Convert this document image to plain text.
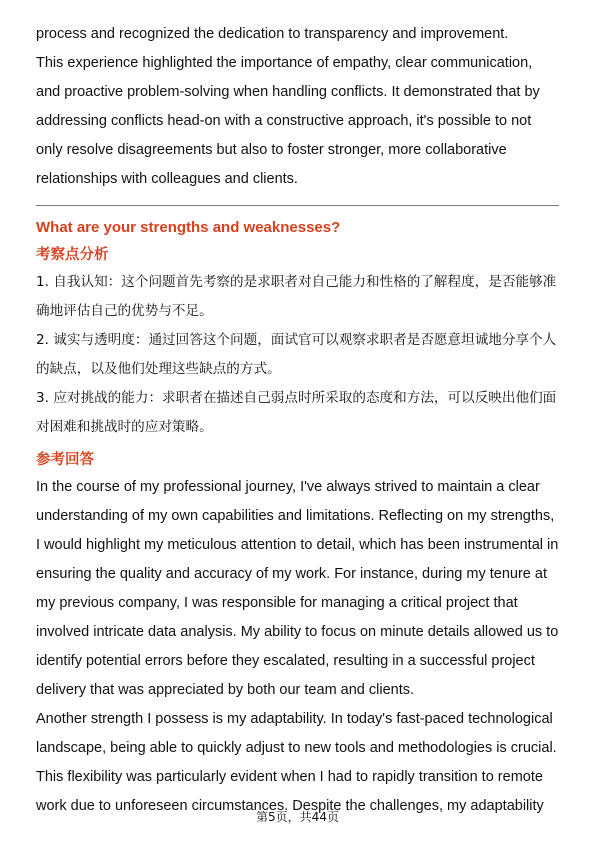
process and recognized the dedication to transparency and improvement.

This experience highlighted the importance of empathy, clear communication, and proactive problem-solving when handling conflicts. It demonstrated that by addressing conflicts head-on with a constructive approach, it's possible to not only resolve disagreements but also to foster stronger, more collaborative relationships with colleagues and clients.

What are your strengths and weaknesses?

考察点分析

1. 自我认知：这个问题首先考察的是求职者对自己能力和性格的了解程度，是否能够准确地评估自己的优势与不足。

2. 诚实与透明度：通过回答这个问题，面试官可以观察求职者是否愿意坦诚地分享个人的缺点，以及他们处理这些缺点的方式。

3. 应对挑战的能力：求职者在描述自己弱点时所采取的态度和方法，可以反映出他们面对困难和挑战时的应对策略。

参考回答

In the course of my professional journey, I've always strived to maintain a clear understanding of my own capabilities and limitations. Reflecting on my strengths, I would highlight my meticulous attention to detail, which has been instrumental in ensuring the quality and accuracy of my work. For instance, during my tenure at my previous company, I was responsible for managing a critical project that involved intricate data analysis. My ability to focus on minute details allowed us to identify potential errors before they escalated, resulting in a successful project delivery that was appreciated by both our team and clients.

Another strength I possess is my adaptability. In today's fast-paced technological landscape, being able to quickly adjust to new tools and methodologies is crucial. This flexibility was particularly evident when I had to rapidly transition to remote work due to unforeseen circumstances. Despite the challenges, my adaptability

第5页，共44页
